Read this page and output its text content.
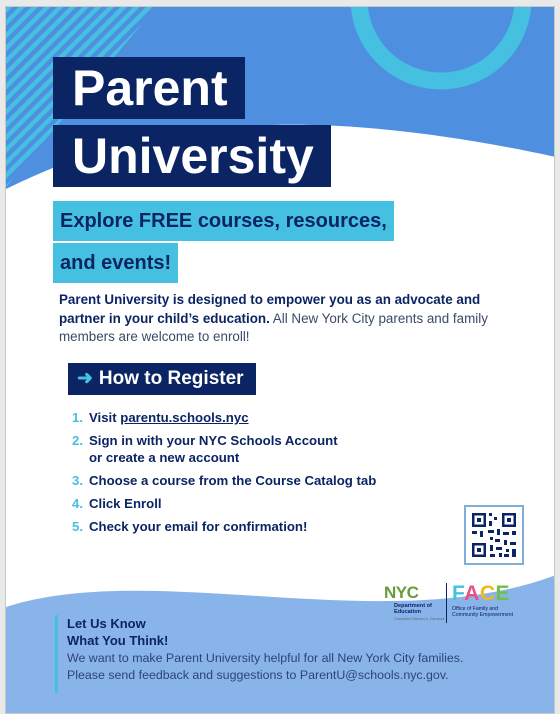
Parent
University
Explore FREE courses, resources,
and events!
Parent University is designed to empower you as an advocate and partner in your child’s education. All New York City parents and family members are welcome to enroll!
➜ How to Register
1. Visit parentu.schools.nyc
2. Sign in with your NYC Schools Account
or create a new account
3. Choose a course from the Course Catalog tab
4. Click Enroll
5. Check your email for confirmation!
NYC
Department of
Education
Chancellor Richard A. Carranza
FACE
Office of Family and
Community Empowerment
Let Us Know
What You Think!
We want to make Parent University helpful for all New York City families.
Please send feedback and suggestions to ParentU@schools.nyc.gov.
